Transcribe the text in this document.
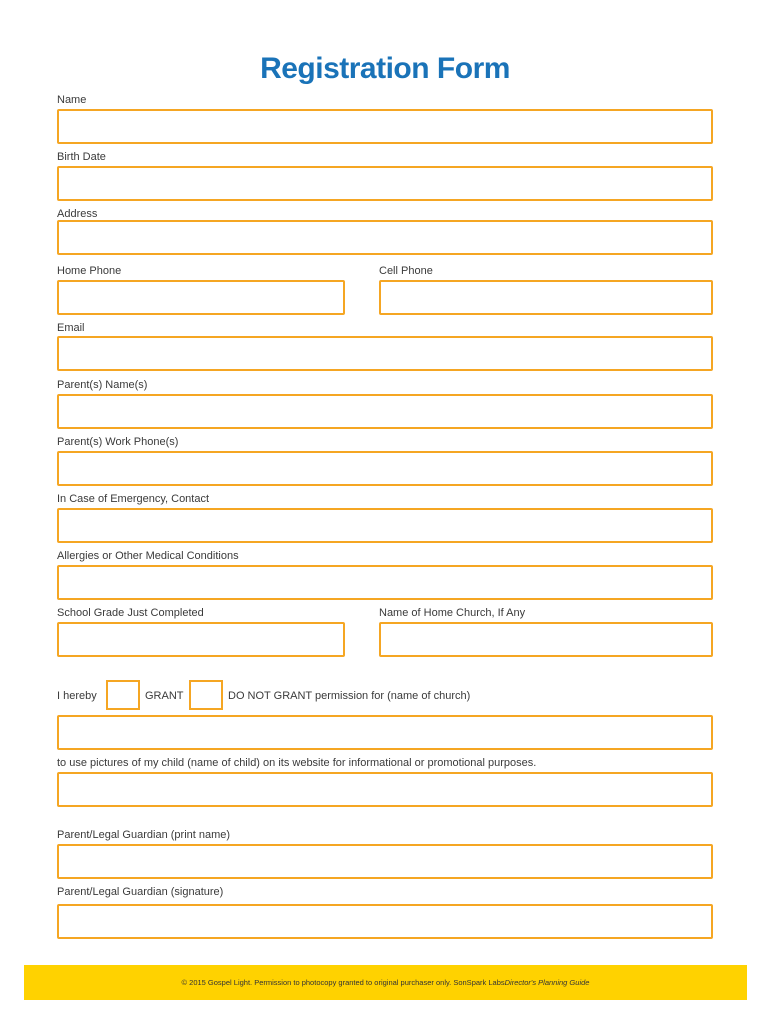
Registration Form
Name
Birth Date
Address
Home Phone	Cell Phone
Email
Parent(s) Name(s)
Parent(s) Work Phone(s)
In Case of Emergency, Contact
Allergies or Other Medical Conditions
School Grade Just Completed	Name of Home Church, If Any
I hereby	GRANT	DO NOT GRANT permission for (name of church)
to use pictures of my child (name of child) on its website for informational or promotional purposes.
Parent/Legal Guardian (print name)
Parent/Legal Guardian (signature)
© 2015 Gospel Light. Permission to photocopy granted to original purchaser only. SonSpark Labs Director's Planning Guide
